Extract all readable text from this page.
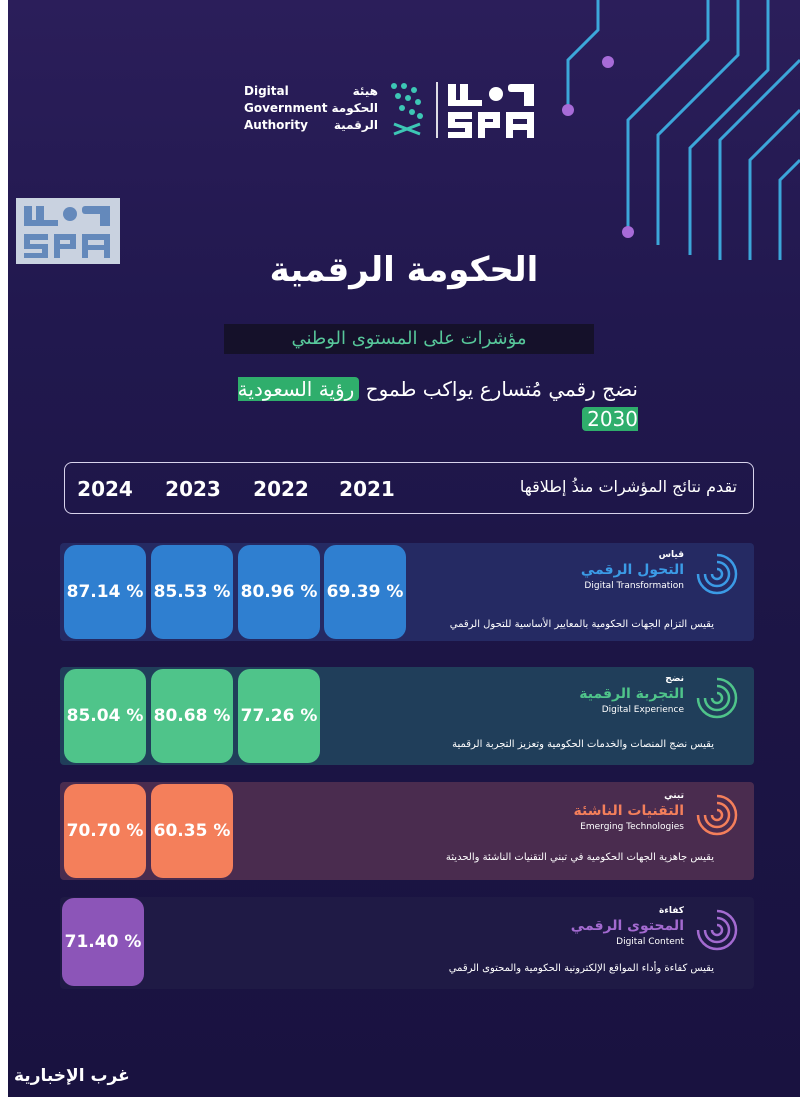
Digital
Government
Authority
هيئة
الحكومة
الرقمية
الحكومة الرقمية
مؤشرات على المستوى الوطني
نضج رقمي مُتسارع يواكب طموح رؤية السعودية 2030
2021
2022
2023
2024	تقدم نتائج المؤشرات منذُ إطلاقها
69.39 %
80.96 %
85.53 %
87.14 %
قياس
التحول الرقمي
Digital Transformation
يقيس التزام الجهات الحكومية بالمعايير الأساسية للتحول الرقمي
77.26 %
80.68 %
85.04 %
نضج
التجربة الرقمية
Digital Experience
يقيس نضج المنصات والخدمات الحكومية وتعزيز التجربة الرقمية
60.35 %
70.70 %
تبني
التقنيات الناشئة
Emerging Technologies
يقيس جاهزية الجهات الحكومية في تبني التقنيات الناشئة والحديثة
71.40 %
كفاءة
المحتوى الرقمي
Digital Content
يقيس كفاءة وأداء المواقع الإلكترونية الحكومية والمحتوى الرقمي
غرب الإخبارية
